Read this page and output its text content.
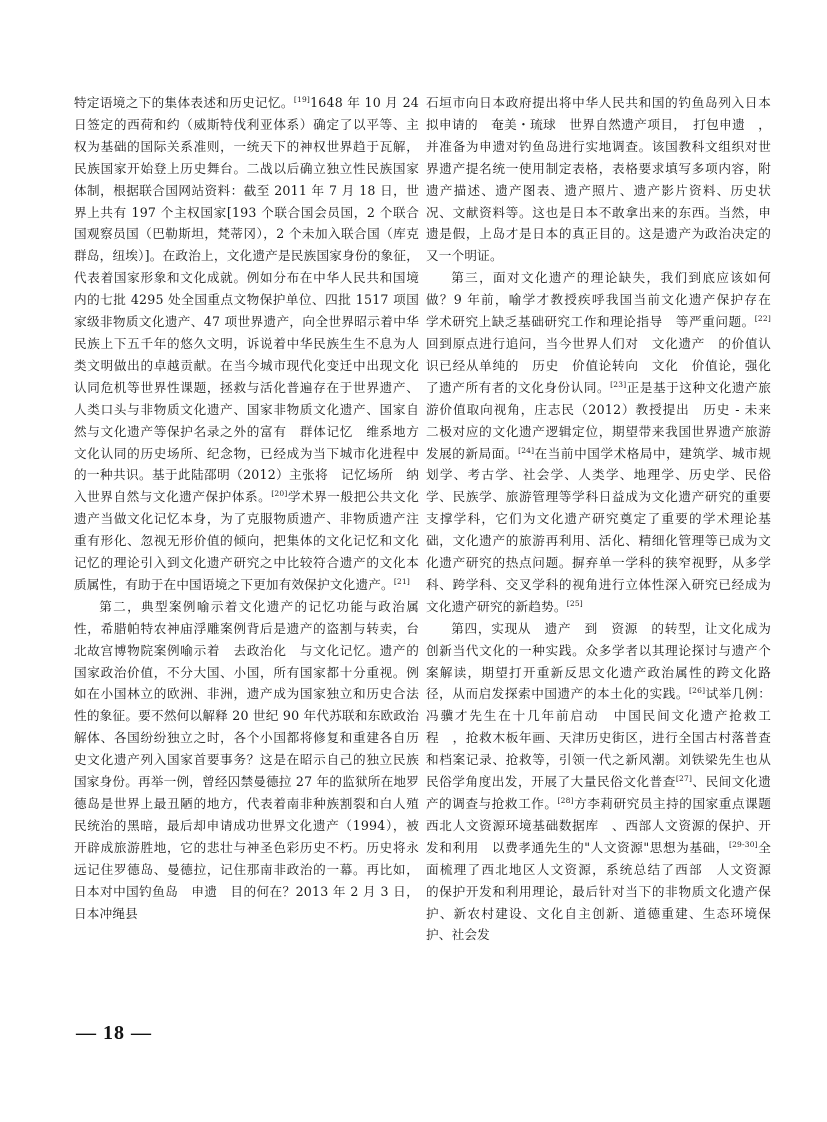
特定语境之下的集体表述和历史记忆。[19]1648 年 10 月 24 日签定的西荷和约（威斯特伐利亚体系）确定了以平等、主权为基础的国际关系准则，一统天下的神权世界趋于瓦解，民族国家开始登上历史舞台。二战以后确立独立性民族国家体制，根据联合国网站资料：截至 2011 年 7 月 18 日，世界上共有 197 个主权国家[193 个联合国会员国，2 个联合国观察员国（巴勒斯坦，梵蒂冈），2 个未加入联合国（库克群岛，纽埃）]。在政治上，文化遗产是民族国家身份的象征，代表着国家形象和文化成就。例如分布在中华人民共和国境内的七批 4295 处全国重点文物保护单位、四批 1517 项国家级非物质文化遗产、47 项世界遗产，向全世界昭示着中华民族上下五千年的悠久文明，诉说着中华民族生生不息为人类文明做出的卓越贡献。在当今城市现代化变迁中出现文化认同危机等世界性课题，拯救与活化普遍存在于世界遗产、人类口头与非物质文化遗产、国家非物质文化遗产、国家自然与文化遗产等保护名录之外的富有　群体记忆　维系地方文化认同的历史场所、纪念物，已经成为当下城市化进程中的一种共识。基于此陆邵明（2012）主张将　记忆场所　纳入世界自然与文化遗产保护体系。[20]学术界一般把公共文化遗产当做文化记忆本身，为了克服物质遗产、非物质遗产注重有形化、忽视无形价值的倾向，把集体的文化记忆和文化记忆的理论引入到文化遗产研究之中比较符合遗产的文化本质属性，有助于在中国语境之下更加有效保护文化遗产。[21]

第二，典型案例喻示着文化遗产的记忆功能与政治属性，希腊帕特农神庙浮雕案例背后是遗产的盗割与转卖，台北故宫博物院案例喻示着　去政治化　与文化记忆。遗产的国家政治价值，不分大国、小国，所有国家都十分重视。例如在小国林立的欧洲、非洲，遗产成为国家独立和历史合法性的象征。要不然何以解释 20 世纪 90 年代苏联和东欧政治解体、各国纷纷独立之时，各个小国都将修复和重建各自历史文化遗产列入国家首要事务？这是在昭示自己的独立民族国家身份。再举一例，曾经囚禁曼德拉 27 年的监狱所在地罗德岛是世界上最丑陋的地方，代表着南非种族割裂和白人殖民统治的黑暗，最后却申请成功世界文化遗产（1994），被开辟成旅游胜地，它的悲壮与神圣色彩历史不朽。历史将永远记住罗德岛、曼德拉，记住那南非政治的一幕。再比如，日本对中国钓鱼岛　申遗　目的何在？2013 年 2 月 3 日，日本冲绳县

石垣市向日本政府提出将中华人民共和国的钓鱼岛列入日本拟申请的　奄美・琉球　世界自然遗产项目，　打包申遗　，并准备为申遗对钓鱼岛进行实地调查。该国教科文组织对世界遗产提名统一使用制定表格，表格要求填写多项内容，附遗产描述、遗产图表、遗产照片、遗产影片资料、历史状况、文献资料等。这也是日本不敢拿出来的东西。当然，申遗是假，上岛才是日本的真正目的。这是遗产为政治决定的又一个明证。

第三，面对文化遗产的理论缺失，我们到底应该如何做？9 年前，喻学才教授疾呼我国当前文化遗产保护存在　学术研究上缺乏基础研究工作和理论指导　等严重问题。[22]回到原点进行追问，当今世界人们对　文化遗产　的价值认识已经从单纯的　历史　价值论转向　文化　价值论，强化了遗产所有者的文化身份认同。[23]正是基于这种文化遗产旅游价值取向视角，庄志民（2012）教授提出　历史 - 未来　二极对应的文化遗产逻辑定位，期望带来我国世界遗产旅游发展的新局面。[24]在当前中国学术格局中，建筑学、城市规划学、考古学、社会学、人类学、地理学、历史学、民俗学、民族学、旅游管理等学科日益成为文化遗产研究的重要支撑学科，它们为文化遗产研究奠定了重要的学术理论基础，文化遗产的旅游再利用、活化、精细化管理等已成为文化遗产研究的热点问题。摒弃单一学科的狭窄视野，从多学科、跨学科、交叉学科的视角进行立体性深入研究已经成为文化遗产研究的新趋势。[25]

第四，实现从　遗产　到　资源　的转型，让文化成为创新当代文化的一种实践。众多学者以其理论探讨与遗产个案解读，期望打开重新反思文化遗产政治属性的跨文化路径，从而启发探索中国遗产的本土化的实践。[26]试举几例：冯骥才先生在十几年前启动　中国民间文化遗产抢救工程　，抢救木板年画、天津历史街区，进行全国古村落普查和档案记录、抢救等，引领一代之新风潮。刘铁梁先生也从民俗学角度出发，开展了大量民俗文化普查[27]、民间文化遗产的调查与抢救工作。[28]方李莉研究员主持的国家重点课题　西北人文资源环境基础数据库　、西部人文资源的保护、开发和利用　以费孝通先生的"人文资源"思想为基础，[29-30]全面梳理了西北地区人文资源，系统总结了西部　人文资源　的保护开发和利用理论，最后针对当下的非物质文化遗产保护、新农村建设、文化自主创新、道德重建、生态环境保护、社会发

— 18 —
